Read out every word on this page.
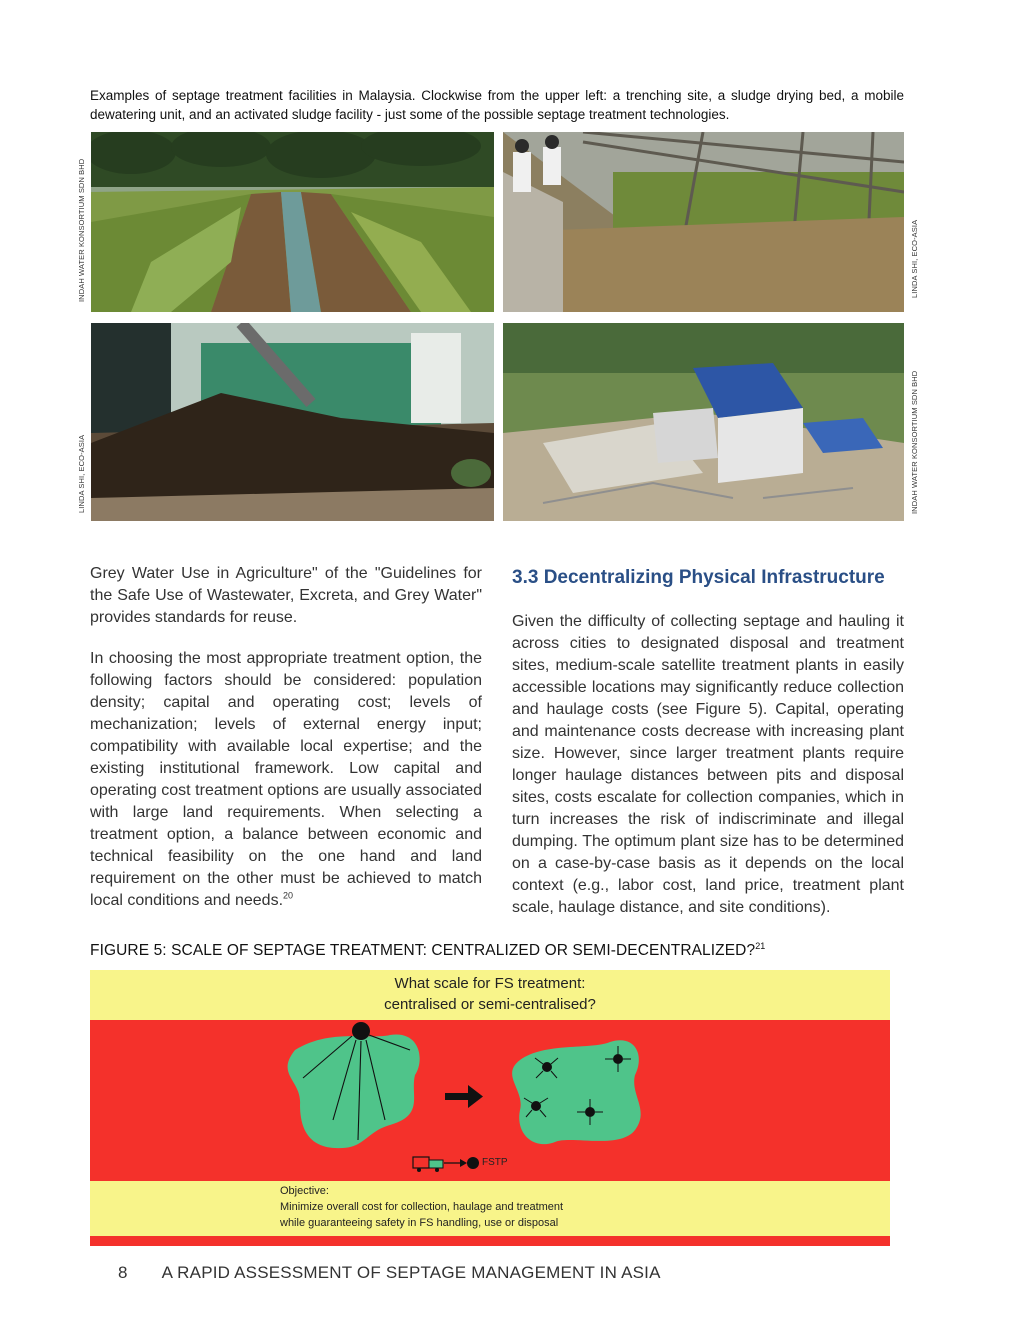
Examples of septage treatment facilities in Malaysia. Clockwise from the upper left: a trenching site, a sludge drying bed, a mobile dewatering unit, and an activated sludge facility - just some of the possible septage treatment technologies.
INDAH WATER KONSORTIUM SDN BHD	LINDA SHI, ECO-ASIA
LINDA SHI, ECO-ASIA	INDAH WATER KONSORTIUM SDN BHD

Grey Water Use in Agriculture" of the "Guidelines for the Safe Use of Wastewater, Excreta, and Grey Water" provides standards for reuse.

In choosing the most appropriate treatment option, the following factors should be considered: population density; capital and operating cost; levels of mechanization; levels of external energy input; compatibility with available local expertise; and the existing institutional framework. Low capital and operating cost treatment options are usually associated with large land requirements. When selecting a treatment option, a balance between economic and technical feasibility on the one hand and land requirement on the other must be achieved to match local conditions and needs.$^{20}$

3.3 Decentralizing Physical Infrastructure

Given the difficulty of collecting septage and hauling it across cities to designated disposal and treatment sites, medium-scale satellite treatment plants in easily accessible locations may significantly reduce collection and haulage costs (see Figure 5). Capital, operating and maintenance costs decrease with increasing plant size. However, since larger treatment plants require longer haulage distances between pits and disposal sites, costs escalate for collection companies, which in turn increases the risk of indiscriminate and illegal dumping. The optimum plant size has to be determined on a case-by-case basis as it depends on the local context (e.g., labor cost, land price, treatment plant scale, haulage distance, and site conditions).

FIGURE 5: SCALE OF SEPTAGE TREATMENT: CENTRALIZED OR SEMI-DECENTRALIZED?$^{21}$
What scale for FS treatment:
centralised or semi-centralised?
FSTP
Objective:
Minimize overall cost for collection, haulage and treatment
while guaranteeing safety in FS handling, use or disposal
8 A RAPID ASSESSMENT OF SEPTAGE MANAGEMENT IN ASIA
